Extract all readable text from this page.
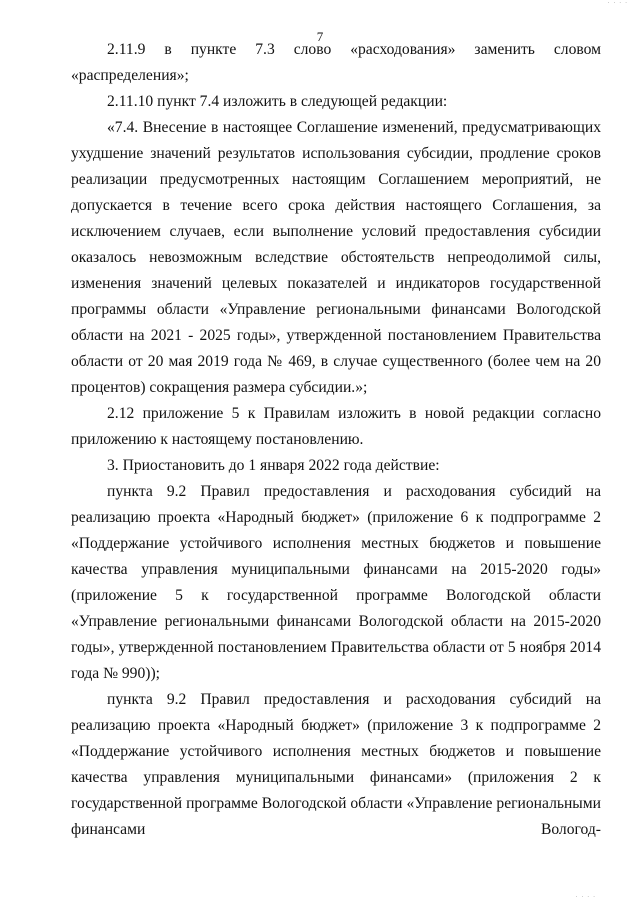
· · · ·
7

2.11.9 в пункте 7.3 слово «расходования» заменить словом «распределения»;

2.11.10 пункт 7.4 изложить в следующей редакции:

«7.4. Внесение в настоящее Соглашение изменений, предусматривающих ухудшение значений результатов использования субсидии, продление сроков реализации предусмотренных настоящим Соглашением мероприятий, не допускается в течение всего срока действия настоящего Соглашения, за исключением случаев, если выполнение условий предоставления субсидии оказалось невозможным вследствие обстоятельств непреодолимой силы, изменения значений целевых показателей и индикаторов государственной программы области «Управление региональными финансами Вологодской области на 2021 - 2025 годы», утвержденной постановлением Правительства области от 20 мая 2019 года № 469, в случае существенного (более чем на 20 процентов) сокращения размера субсидии.»;

2.12 приложение 5 к Правилам изложить в новой редакции согласно приложению к настоящему постановлению.

3. Приостановить до 1 января 2022 года действие:

пункта 9.2 Правил предоставления и расходования субсидий на реализацию проекта «Народный бюджет» (приложение 6 к подпрограмме 2 «Поддержание устойчивого исполнения местных бюджетов и повышение качества управления муниципальными финансами на 2015-2020 годы» (приложение 5 к государственной программе Вологодской области «Управление региональными финансами Вологодской области на 2015-2020 годы», утвержденной постановлением Правительства области от 5 ноября 2014 года № 990));

пункта 9.2 Правил предоставления и расходования субсидий на реализацию проекта «Народный бюджет» (приложение 3 к подпрограмме 2 «Поддержание устойчивого исполнения местных бюджетов и повышение качества управления муниципальными финансами» (приложения 2 к государственной программе Вологодской области «Управление региональными финансами Вологод-

· · · ·
